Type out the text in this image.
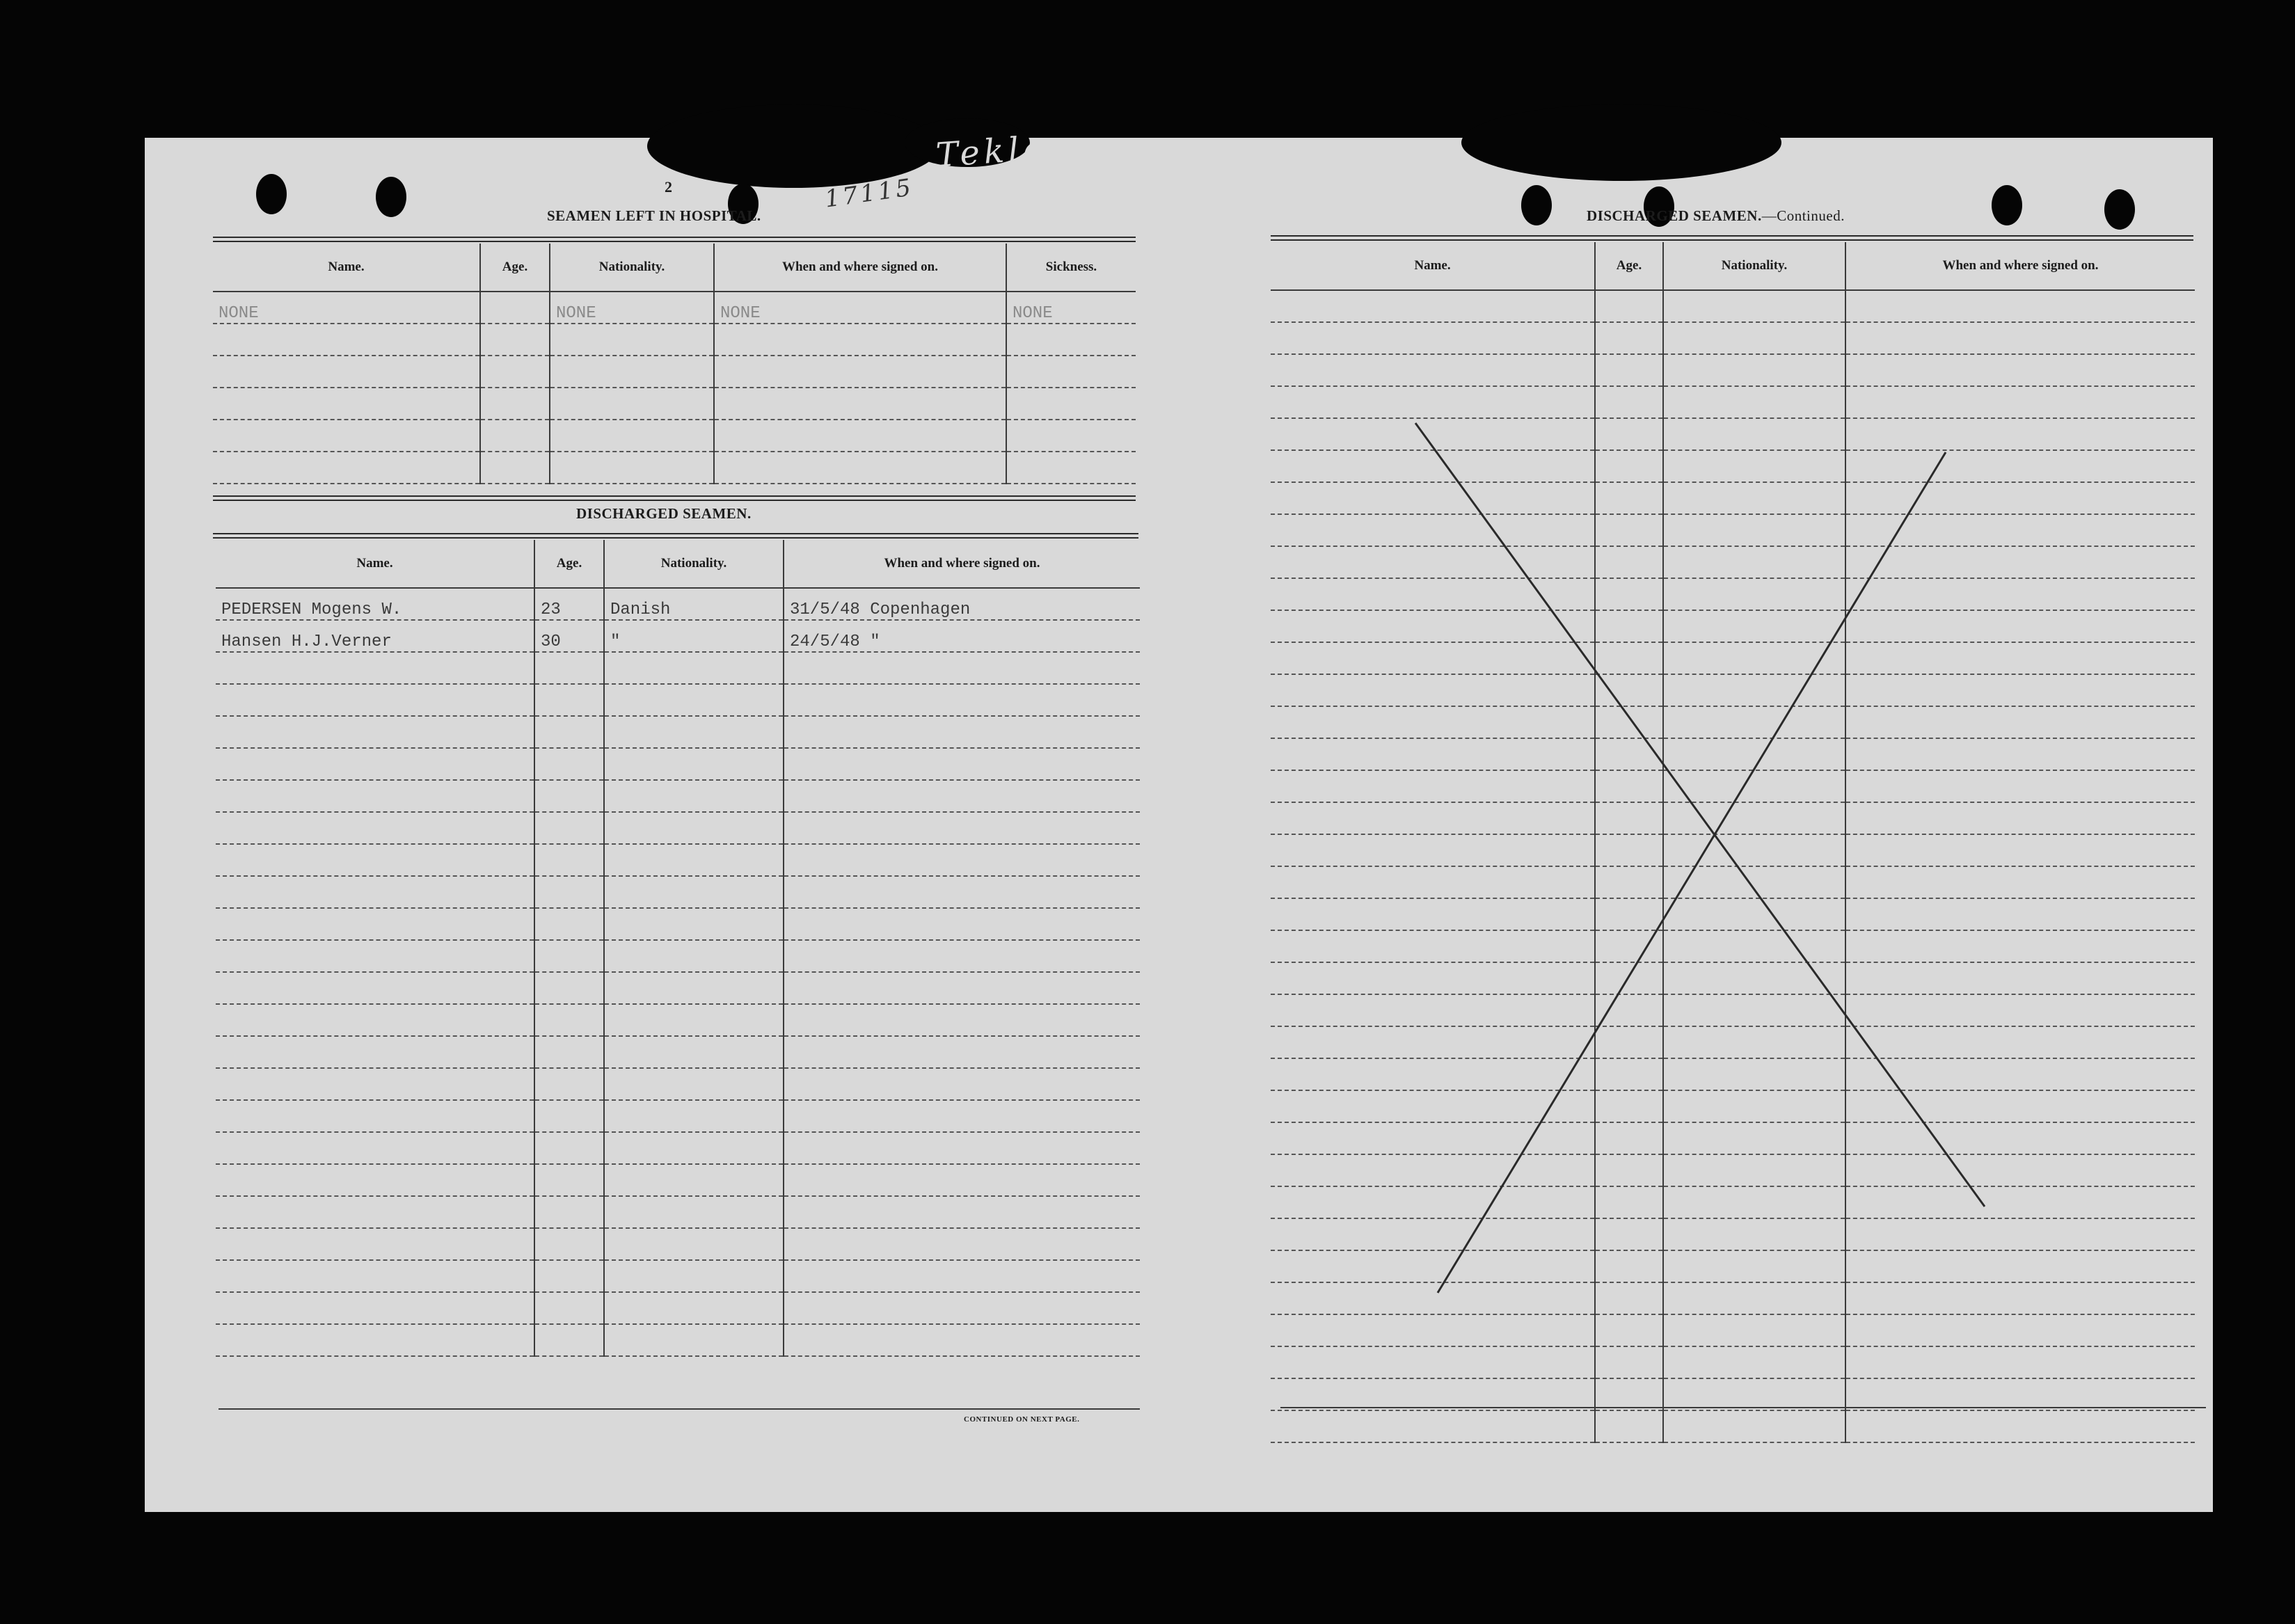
2	17115
Tekla
SEAMEN LEFT IN HOSPITAL.
Name.	Age.	Nationality.	When and where signed on.	Sickness.
NONE		NONE	NONE	NONE

DISCHARGED SEAMEN.
Name.	Age.	Nationality.	When and where signed on.
PEDERSEN Mogens W.	23	Danish	31/5/48 Copenhagen
Hansen H.J.Verner	30	"	24/5/48 "

CONTINUED ON NEXT PAGE.
DISCHARGED SEAMEN.—Continued.
Name.	Age.	Nationality.	When and where signed on.
